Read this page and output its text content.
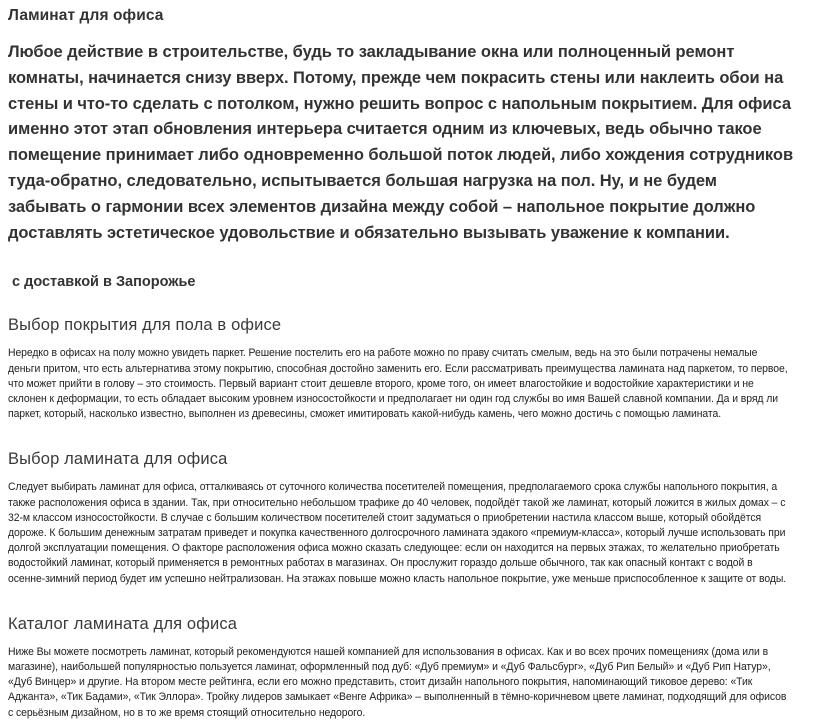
Ламинат для офиса

Любое действие в строительстве, будь то закладывание окна или полноценный ремонт комнаты, начинается снизу вверх. Потому, прежде чем покрасить стены или наклеить обои на стены и что-то сделать с потолком, нужно решить вопрос с напольным покрытием. Для офиса именно этот этап обновления интерьера считается одним из ключевых, ведь обычно такое помещение принимает либо одновременно большой поток людей, либо хождения сотрудников туда-обратно, следовательно, испытывается большая нагрузка на пол. Ну, и не будем забывать о гармонии всех элементов дизайна между собой – напольное покрытие должно доставлять эстетическое удовольствие и обязательно вызывать уважение к компании.

с доставкой в Запорожье

Выбор покрытия для пола в офисе

Нередко в офисах на полу можно увидеть паркет. Решение постелить его на работе можно по праву считать смелым, ведь на это были потрачены немалые деньги притом, что есть альтернатива этому покрытию, способная достойно заменить его. Если рассматривать преимущества ламината над паркетом, то первое, что может прийти в голову – это стоимость. Первый вариант стоит дешевле второго, кроме того, он имеет влагостойкие и водостойкие характеристики и не склонен к деформации, то есть обладает высоким уровнем износостойкости и предполагает ни один год службы во имя Вашей славной компании. Да и вряд ли паркет, который, насколько известно, выполнен из древесины, сможет имитировать какой-нибудь камень, чего можно достичь с помощью ламината.

Выбор ламината для офиса

Следует выбирать ламинат для офиса, отталкиваясь от суточного количества посетителей помещения, предполагаемого срока службы напольного покрытия, а также расположения офиса в здании. Так, при относительно небольшом трафике до 40 человек, подойдёт такой же ламинат, который ложится в жилых домах – с 32-м классом износостойкости. В случае с большим количеством посетителей стоит задуматься о приобретении настила классом выше, который обойдётся дороже. К большим денежным затратам приведет и покупка качественного долгосрочного ламината эдакого «премиум-класса», который лучше использовать при долгой эксплуатации помещения. О факторе расположения офиса можно сказать следующее: если он находится на первых этажах, то желательно приобретать водостойкий ламинат, который применяется в ремонтных работах в магазинах. Он прослужит гораздо дольше обычного, так как опасный контакт с водой в осенне-зимний период будет им успешно нейтрализован. На этажах повыше можно класть напольное покрытие, уже меньше приспособленное к защите от воды.

Каталог ламината для офиса

Ниже Вы можете посмотреть ламинат, который рекомендуются нашей компанией для использования в офисах. Как и во всех прочих помещениях (дома или в магазине), наибольшей популярностью пользуется ламинат, оформленный под дуб: «Дуб премиум» и «Дуб Фальсбург», «Дуб Рип Белый» и «Дуб Рип Натур», «Дуб Винцер» и другие. На втором месте рейтинга, если его можно представить, стоит дизайн напольного покрытия, напоминающий тиковое дерево: «Тик Аджанта», «Тик Бадами», «Тик Эллора». Тройку лидеров замыкает «Венге Африка» – выполненный в тёмно-коричневом цвете ламинат, подходящий для офисов с серьёзным дизайном, но в то же время стоящий относительно недорого.
